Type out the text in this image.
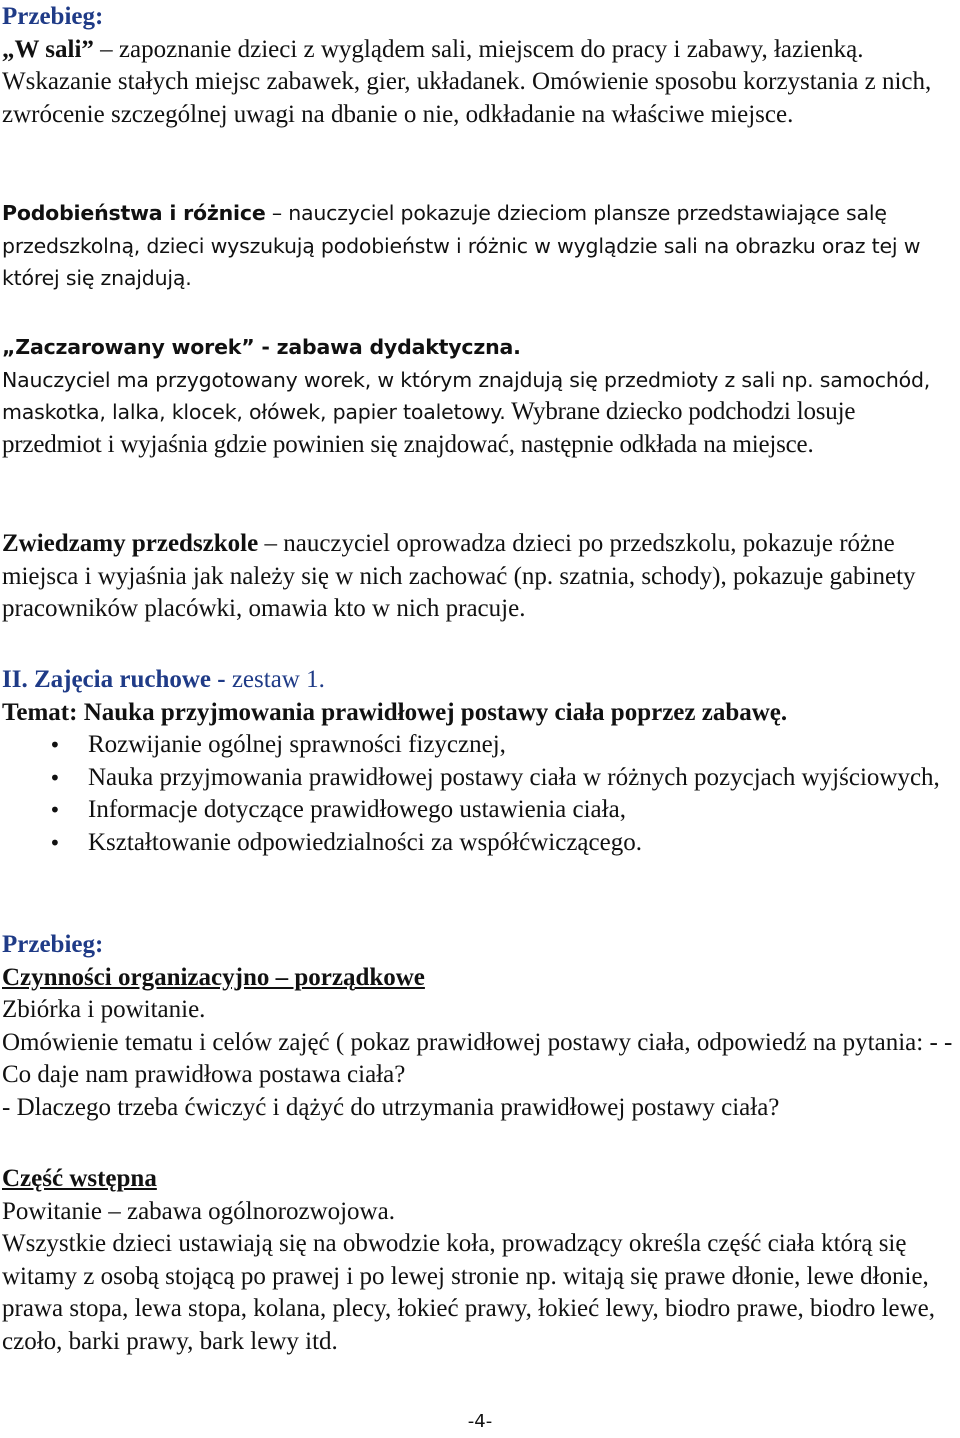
Przebieg:
„W sali” – zapoznanie dzieci z wyglądem sali, miejscem do pracy i zabawy, łazienką. Wskazanie stałych miejsc zabawek, gier, układanek. Omówienie sposobu korzystania z nich, zwrócenie szczególnej uwagi na dbanie o nie, odkładanie na właściwe miejsce.
Podobieństwa i różnice – nauczyciel pokazuje dzieciom plansze przedstawiające salę przedszkolną, dzieci wyszukują podobieństw i różnic w wyglądzie sali na obrazku oraz tej w której się znajdują.
„Zaczarowany worek” - zabawa dydaktyczna.
Nauczyciel ma przygotowany worek, w którym znajdują się przedmioty z sali np. samochód, maskotka, lalka, klocek, ołówek, papier toaletowy. Wybrane dziecko podchodzi losuje przedmiot i wyjaśnia gdzie powinien się znajdować, następnie odkłada na miejsce.
Zwiedzamy przedszkole – nauczyciel oprowadza dzieci po przedszkolu, pokazuje różne miejsca i wyjaśnia jak należy się w nich zachować (np. szatnia, schody), pokazuje gabinety pracowników placówki, omawia kto w nich pracuje.
II. Zajęcia ruchowe - zestaw 1.
Temat: Nauka przyjmowania prawidłowej postawy ciała poprzez zabawę.
• Rozwijanie ogólnej sprawności fizycznej,
• Nauka przyjmowania prawidłowej postawy ciała w różnych pozycjach wyjściowych,
• Informacje dotyczące prawidłowego ustawienia ciała,
• Kształtowanie odpowiedzialności za współćwiczącego.
Przebieg:
Czynności organizacyjno – porządkowe
Zbiórka i powitanie.
Omówienie tematu i celów zajęć ( pokaz prawidłowej postawy ciała, odpowiedź na pytania: - - Co daje nam prawidłowa postawa ciała?
- Dlaczego trzeba ćwiczyć i dążyć do utrzymania prawidłowej postawy ciała?
Część wstępna
Powitanie – zabawa ogólnorozwojowa.
Wszystkie dzieci ustawiają się na obwodzie koła, prowadzący określa część ciała którą się witamy z osobą stojącą po prawej i po lewej stronie np. witają się prawe dłonie, lewe dłonie, prawa stopa, lewa stopa, kolana, plecy, łokieć prawy, łokieć lewy, biodro prawe, biodro lewe, czoło, barki prawy, bark lewy itd.
-4-
